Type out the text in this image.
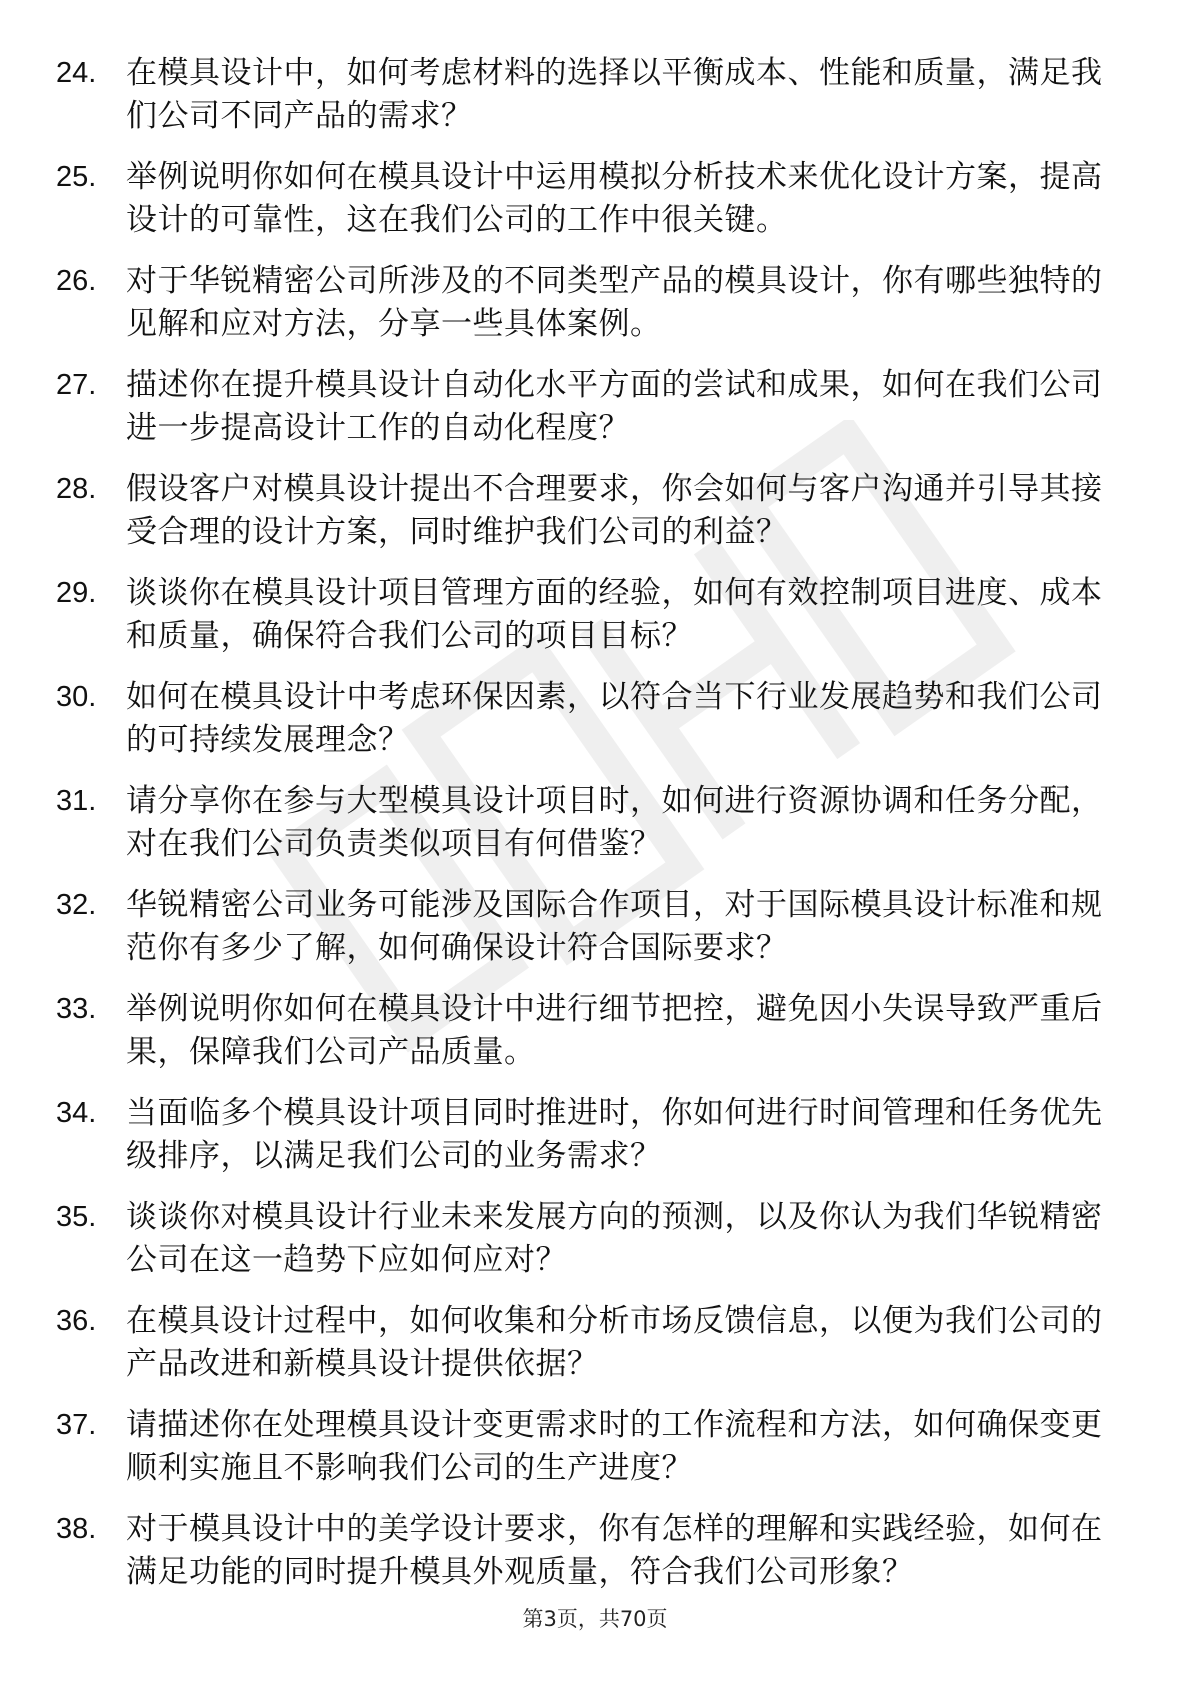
24. 在模具设计中，如何考虑材料的选择以平衡成本、性能和质量，满足我们公司不同产品的需求？

25. 举例说明你如何在模具设计中运用模拟分析技术来优化设计方案，提高设计的可靠性，这在我们公司的工作中很关键。

26. 对于华锐精密公司所涉及的不同类型产品的模具设计，你有哪些独特的见解和应对方法，分享一些具体案例。

27. 描述你在提升模具设计自动化水平方面的尝试和成果，如何在我们公司进一步提高设计工作的自动化程度？

28. 假设客户对模具设计提出不合理要求，你会如何与客户沟通并引导其接受合理的设计方案，同时维护我们公司的利益？

29. 谈谈你在模具设计项目管理方面的经验，如何有效控制项目进度、成本和质量，确保符合我们公司的项目目标？

30. 如何在模具设计中考虑环保因素，以符合当下行业发展趋势和我们公司的可持续发展理念？

31. 请分享你在参与大型模具设计项目时，如何进行资源协调和任务分配，对在我们公司负责类似项目有何借鉴？

32. 华锐精密公司业务可能涉及国际合作项目，对于国际模具设计标准和规范你有多少了解，如何确保设计符合国际要求？

33. 举例说明你如何在模具设计中进行细节把控，避免因小失误导致严重后果，保障我们公司产品质量。

34. 当面临多个模具设计项目同时推进时，你如何进行时间管理和任务优先级排序，以满足我们公司的业务需求？

35. 谈谈你对模具设计行业未来发展方向的预测，以及你认为我们华锐精密公司在这一趋势下应如何应对？

36. 在模具设计过程中，如何收集和分析市场反馈信息，以便为我们公司的产品改进和新模具设计提供依据？

37. 请描述你在处理模具设计变更需求时的工作流程和方法，如何确保变更顺利实施且不影响我们公司的生产进度？

38. 对于模具设计中的美学设计要求，你有怎样的理解和实践经验，如何在满足功能的同时提升模具外观质量，符合我们公司形象？

第3页，共70页
